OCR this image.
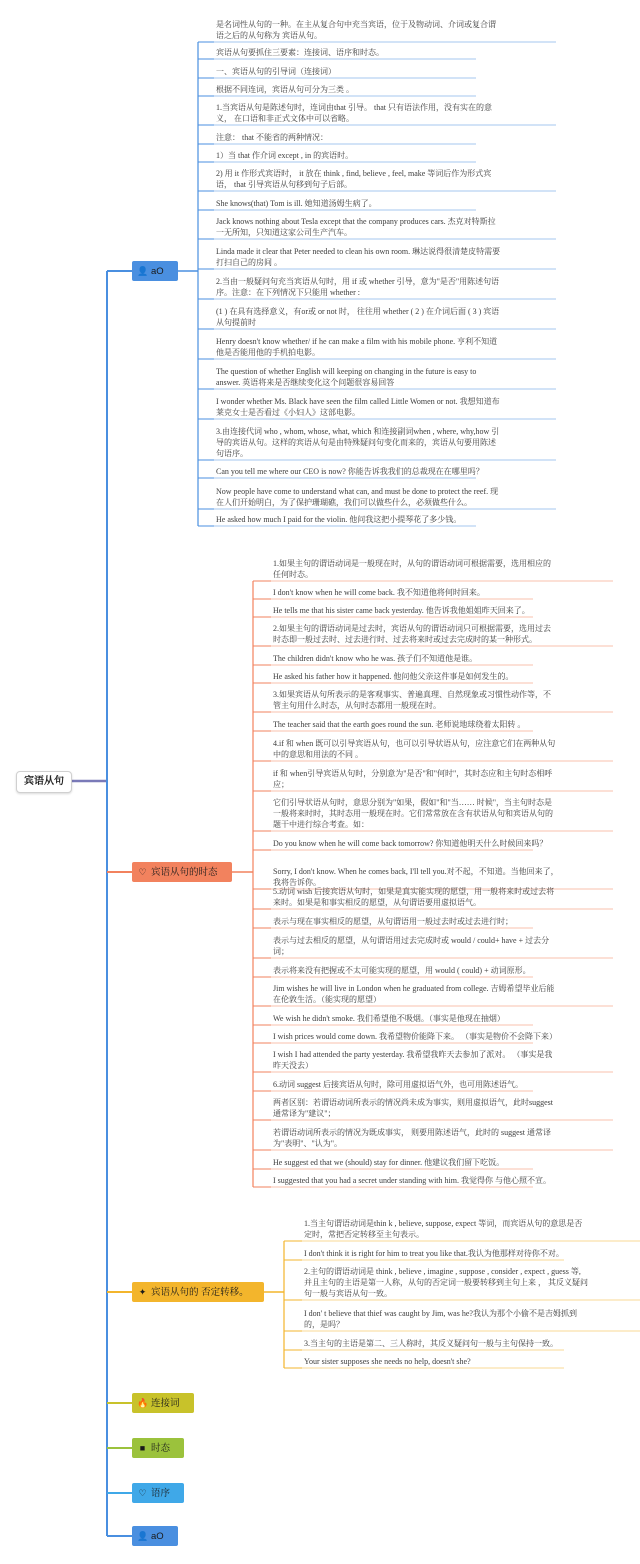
宾语从句
👤 aO
♡ 宾语从句的时态
✦ 宾语从句的 否定转移。
🔥 连接词
■ 时态
♡ 语序
👤 aO
是名词性从句的一种。在主从复合句中充当宾语，位于及物动词、介词或复合谓
语之后的从句称为 宾语从句。
宾语从句要抓住三要素：连接词、语序和时态。
一、宾语从句的引导词（连接词）
根据不同连词，宾语从句可分为三类 。
1.当宾语从句是陈述句时，连词由that 引导。 that 只有语法作用，没有实在的意
义， 在口语和非正式文体中可以省略。
注意： that 不能省的两种情况：
1）当 that 作介词 except , in 的宾语时。
2) 用 it 作形式宾语时， it 放在 think , find, believe , feel, make 等词后作为形式宾
语， that 引导宾语从句移到句子后部。
She knows(that) Tom is ill. 她知道汤姆生病了。
Jack knows nothing about Tesla except that the company produces cars. 杰克对特斯拉
一无所知，只知道这家公司生产汽车。
Linda made it clear that Peter needed to clean his own room. 琳达说得很清楚皮特需要
打扫自己的房间 。
2.当由一般疑问句充当宾语从句时，用 if 或 whether 引导，意为"是否"用陈述句语
序。注意：在下列情况下只能用 whether :
(1 ) 在具有选择意义，有or或 or not 时， 往往用 whether ( 2 ) 在介词后面 ( 3 ) 宾语
从句提前时
Henry doesn't know whether/ if he can make a film with his mobile phone. 亨利不知道
他是否能用他的手机拍电影。
The question of whether English will keeping on changing in the future is easy to
answer. 英语将来是否继续变化这个问题很容易回答
I wonder whether Ms. Black have seen the film called Little Women or not. 我想知道布
莱克女士是否看过《小妇人》这部电影。
3.由连接代词 who , whom, whose, what, which 和连接副词when , where, why,how 引
导的宾语从句。这样的宾语从句是由特殊疑问句变化而来的，宾语从句要用陈述
句语序。
Can you tell me where our CEO is now? 你能告诉我我们的总裁现在在哪里吗？
Now people have come to understand what can, and must be done to protect the reef. 现
在人们开始明白，为了保护珊瑚礁，我们可以做些什么，必须做些什么。
He asked how much I paid for the violin. 他问我这把小提琴花了多少钱。
1.如果主句的谓语动词是一般现在时，从句的谓语动词可根据需要，选用相应的
任何时态。
I don't know when he will come back. 我不知道他将何时回来。
He tells me that his sister came back yesterday. 他告诉我他姐姐昨天回来了。
2.如果主句的谓语动词是过去时，宾语从句的谓语动词只可根据需要，选用过去
时态即一般过去时、过去进行时、过去将来时或过去完成时的某一种形式。
The children didn't know who he was. 孩子们不知道他是谁。
He asked his father how it happened. 他问他父亲这件事是如何发生的。
3.如果宾语从句所表示的是客观事实、普遍真理、自然现象或习惯性动作等，不
管主句用什么时态，从句时态都用一般现在时。
The teacher said that the earth goes round the sun. 老师说地球绕着太阳转 。
4.if 和 when 既可以引导宾语从句，也可以引导状语从句，应注意它们在两种从句
中的意思和用法的不同 。
if 和 when引导宾语从句时，分别意为"是否"和"何时"，其时态应和主句时态相呼
应；
它们引导状语从句时，意思分别为"如果，假如"和"当…… 时候"，当主句时态是
一般将来时时，其时态用一般现在时。它们常常放在含有状语从句和宾语从句的
题干中进行综合考查。如：
Do you know when he will come back tomorrow? 你知道他明天什么时候回来吗？
Sorry, I don't know. When he comes back, I'll tell you.对不起，不知道。当他回来了，
我将告诉你。
5.动词 wish 后接宾语从句时，如果是真实能实现的愿望，用一般将来时或过去将
来时。如果是和事实相反的愿望，从句谓语要用虚拟语气。
表示与现在事实相反的愿望，从句谓语用一般过去时或过去进行时；
表示与过去相反的愿望，从句谓语用过去完成时或 would / could+ have + 过去分
词；
表示将来没有把握或不太可能实现的愿望，用 would ( could) + 动词原形。
Jim wishes he will live in London when he graduated from college. 吉姆希望毕业后能
在伦敦生活。（能实现的愿望）
We wish he didn't smoke. 我们希望他不吸烟。（事实是他现在抽烟）
I wish prices would come down. 我希望物价能降下来。 （事实是物价不会降下来）
I wish I had attended the party yesterday. 我希望我昨天去参加了派对。 （事实是我
昨天没去）
6.动词 suggest 后接宾语从句时，除可用虚拟语气外，也可用陈述语气。
两者区别：若谓语动词所表示的情况尚未成为事实，则用虚拟语气，此时suggest
通常译为"建议"；
若谓语动词所表示的情况为既成事实， 则要用陈述语气，此时的 suggest 通常译
为"表明"、"认为"。
He suggest ed that we (should) stay for dinner. 他建议我们留下吃饭。
I suggested that you had a secret under standing with him. 我觉得你 与他心照不宣。
1.当主句谓语动词是thin k , believe, suppose, expect 等词，而宾语从句的意思是否
定时，常把否定转移至主句表示。
I don't think it is right for him to treat you like that.我认为他那样对待你不对。
2.主句的谓语动词是 think , believe , imagine , suppose , consider , expect , guess 等,
并且主句的主语是第一人称，从句的否定词一般要转移到主句上来 ， 其反义疑问
句一般与宾语从句一致。
I don' t believe that thief was caught by Jim, was he?我认为那个小偷不是吉姆抓到
的，是吗？
3.当主句的主语是第二、三人称时，其反义疑问句一般与主句保持一致。
Your sister supposes she needs no help, doesn't she?
